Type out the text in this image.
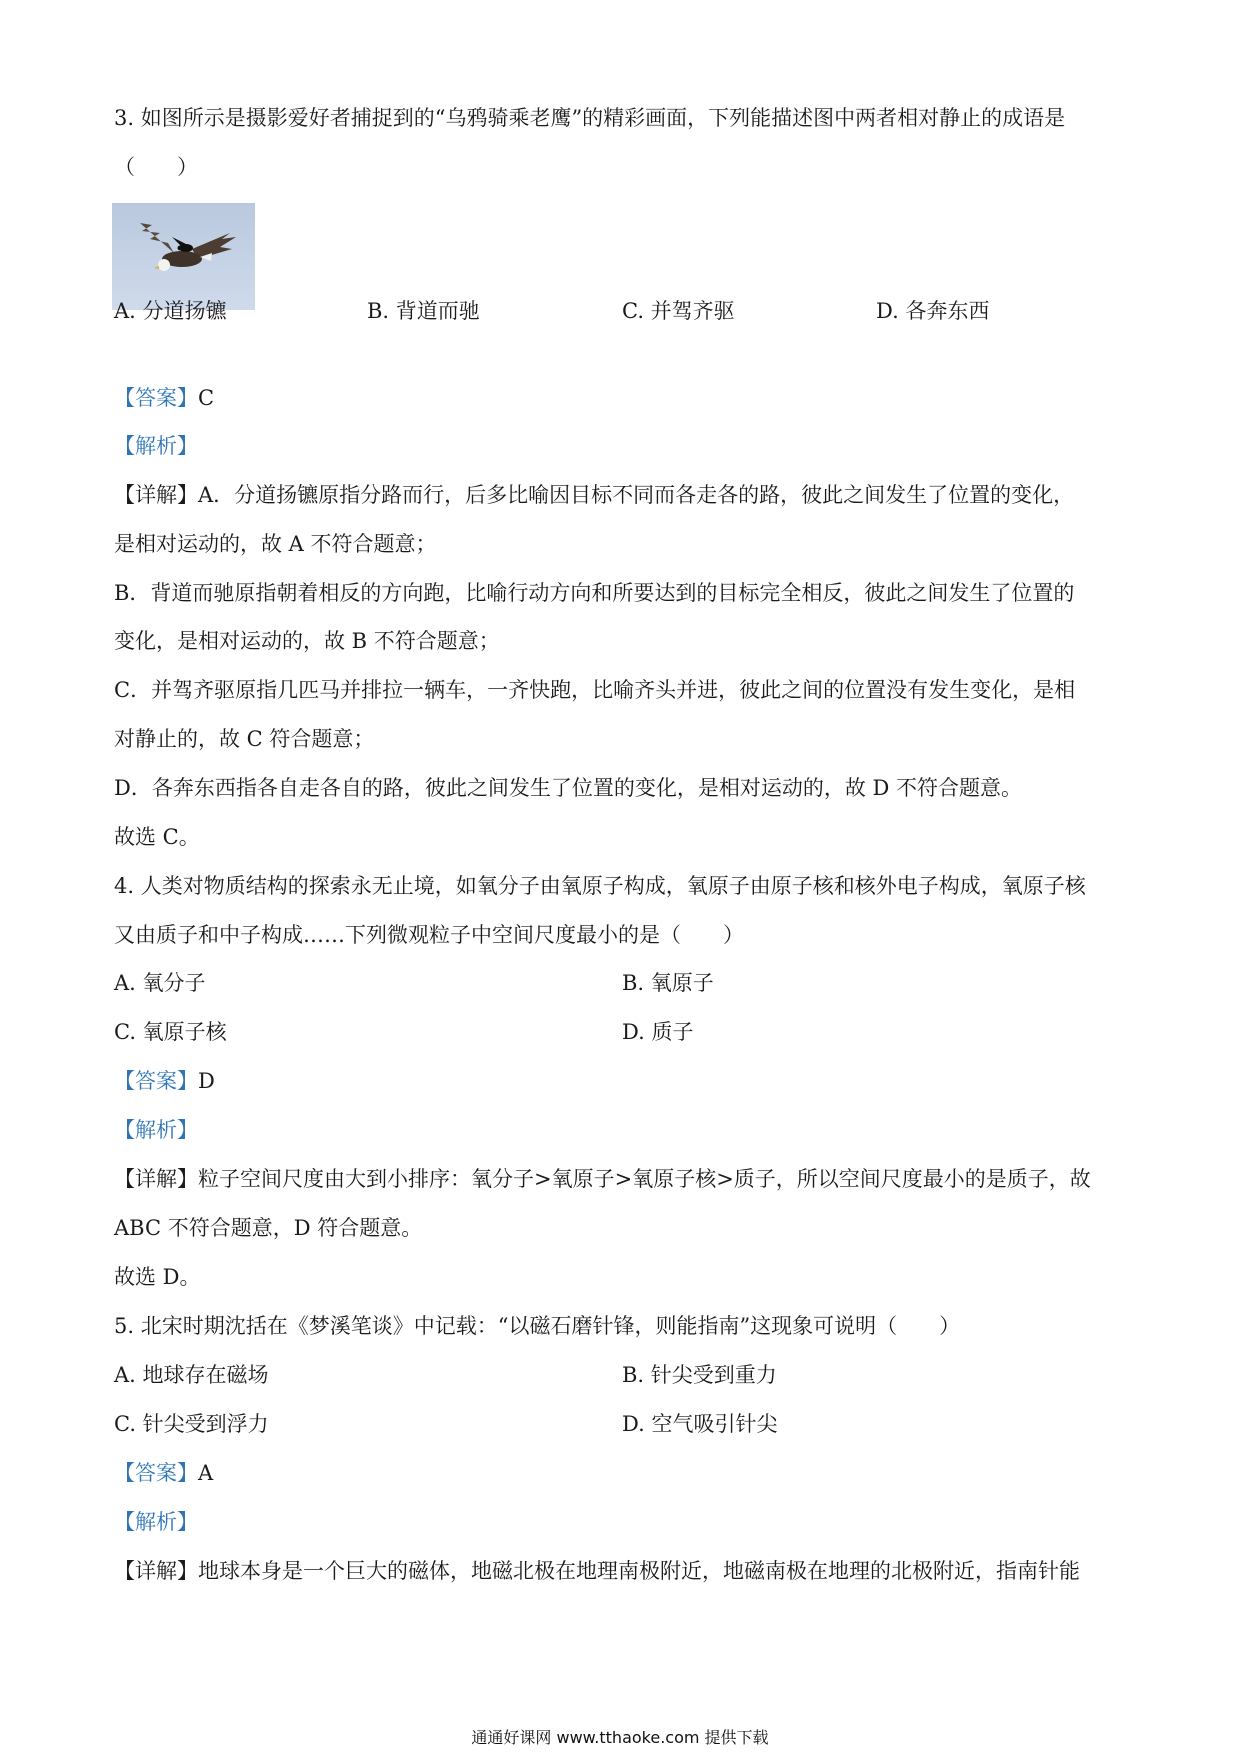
3. 如图所示是摄影爱好者捕捉到的“乌鸦骑乘老鹰”的精彩画面，下列能描述图中两者相对静止的成语是
（　　）
A. 分道扬镳	B. 背道而驰	C. 并驾齐驱	D. 各奔东西
【答案】C
【解析】
【详解】A．分道扬镳原指分路而行，后多比喻因目标不同而各走各的路，彼此之间发生了位置的变化，
是相对运动的，故 A 不符合题意；
B．背道而驰原指朝着相反的方向跑，比喻行动方向和所要达到的目标完全相反，彼此之间发生了位置的
变化，是相对运动的，故 B 不符合题意；
C．并驾齐驱原指几匹马并排拉一辆车，一齐快跑，比喻齐头并进，彼此之间的位置没有发生变化，是相
对静止的，故 C 符合题意；
D．各奔东西指各自走各自的路，彼此之间发生了位置的变化，是相对运动的，故 D 不符合题意。
故选 C。
4. 人类对物质结构的探索永无止境，如氧分子由氧原子构成，氧原子由原子核和核外电子构成，氧原子核
又由质子和中子构成……下列微观粒子中空间尺度最小的是（　　）
A. 氧分子	B. 氧原子
C. 氧原子核	D. 质子
【答案】D
【解析】
【详解】粒子空间尺度由大到小排序：氧分子>氧原子>氧原子核>质子，所以空间尺度最小的是质子，故
ABC 不符合题意，D 符合题意。
故选 D。
5. 北宋时期沈括在《梦溪笔谈》中记载：“以磁石磨针锋，则能指南”这现象可说明（　　）
A. 地球存在磁场	B. 针尖受到重力
C. 针尖受到浮力	D. 空气吸引针尖
【答案】A
【解析】
【详解】地球本身是一个巨大的磁体，地磁北极在地理南极附近，地磁南极在地理的北极附近，指南针能
通通好课网 www.tthaoke.com 提供下载
